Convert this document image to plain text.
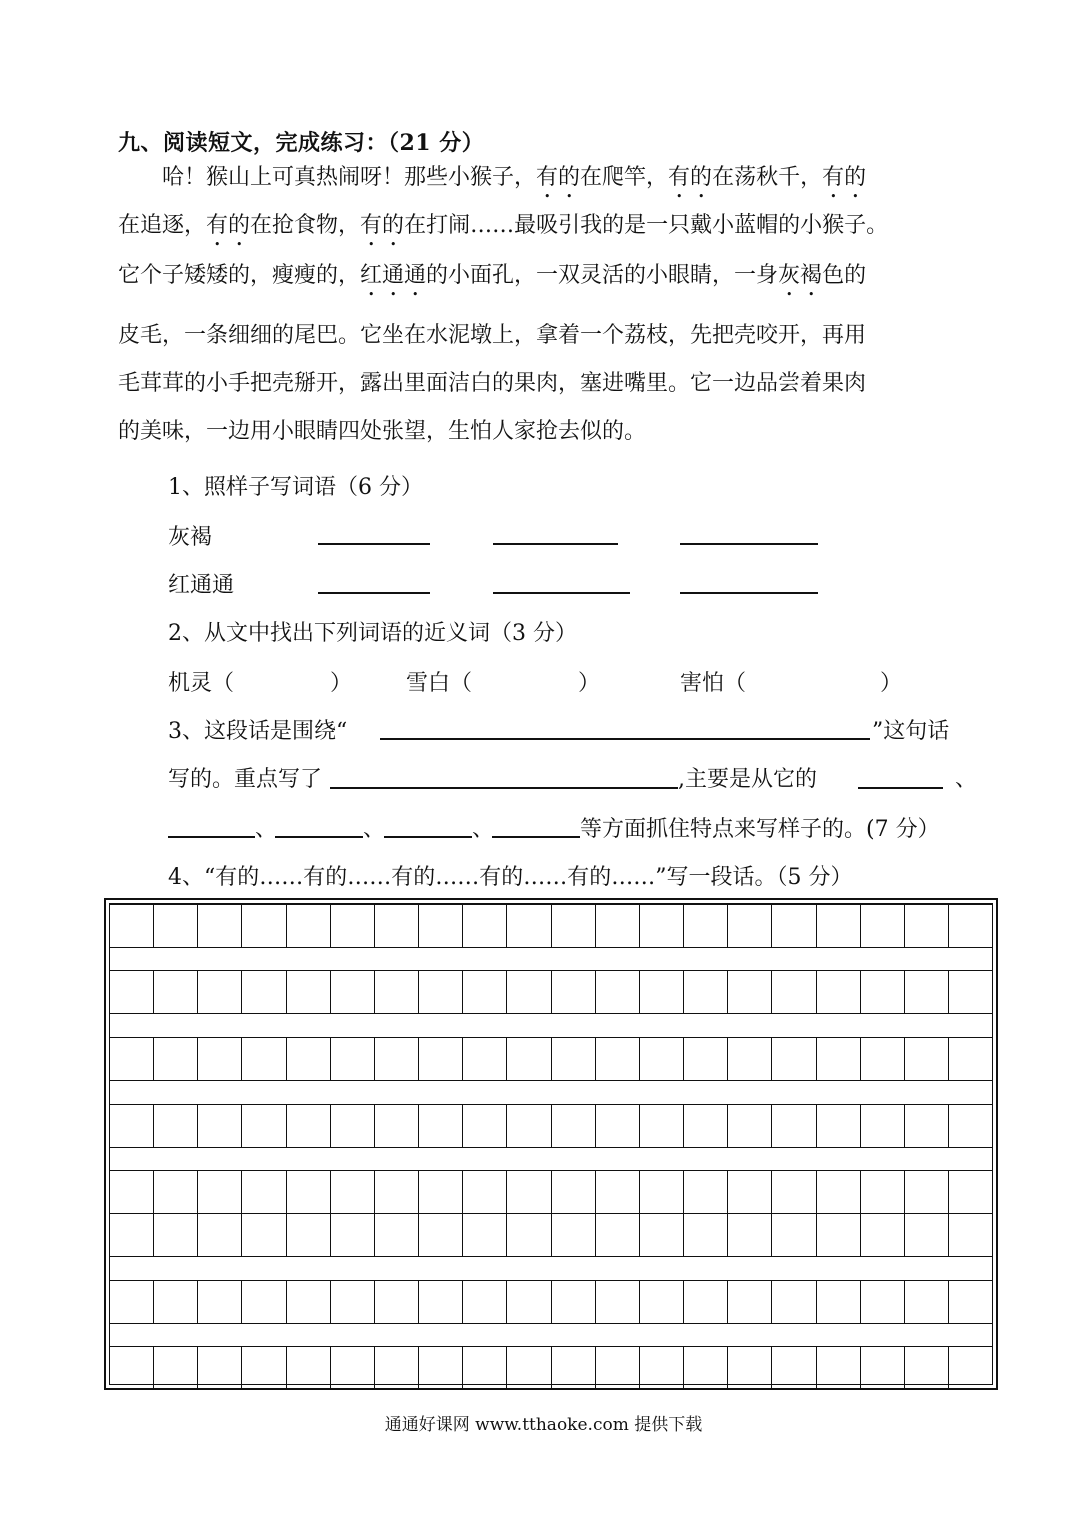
九、阅读短文，完成练习：（21 分）
哈！猴山上可真热闹呀！那些小猴子，有的在爬竿，有的在荡秋千，有的
在追逐，有的在抢食物，有的在打闹……最吸引我的是一只戴小蓝帽的小猴子。
它个子矮矮的，瘦瘦的，红通通的小面孔，一双灵活的小眼睛，一身灰褐色的
皮毛，一条细细的尾巴。它坐在水泥墩上，拿着一个荔枝，先把壳咬开，再用
毛茸茸的小手把壳掰开，露出里面洁白的果肉，塞进嘴里。它一边品尝着果肉
的美味，一边用小眼睛四处张望，生怕人家抢去似的。
1、照样子写词语（6 分）
灰褐
红通通
2、从文中找出下列词语的近义词（3 分）
机灵（	） 雪白（	）	害怕（	）
3、这段话是围绕“	”这句话
写的。重点写了	,主要是从它的	、
、	、	、	等方面抓住特点来写样子的。(7 分）
4、“有的……有的……有的……有的……有的……”写一段话。（5 分）
通通好课网 www.tthaoke.com 提供下载
